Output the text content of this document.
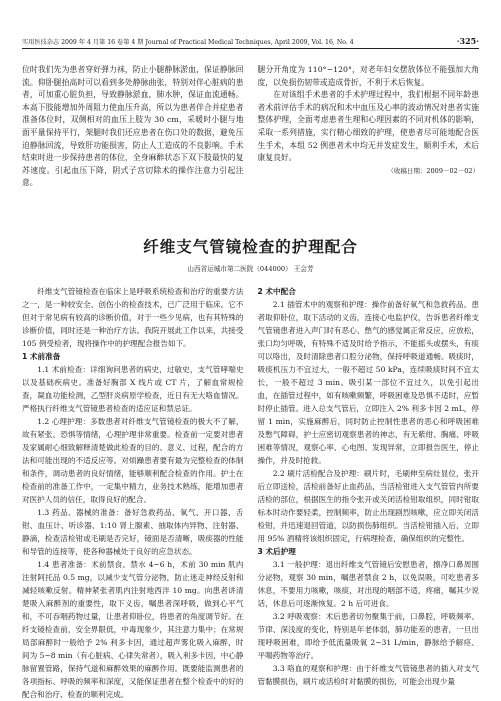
实用医技杂志 2009 年 4 月第 16 卷第 4 期 Journal of Practical Medical Techniques, April 2009, Vol. 16, No. 4	·325·

位时我们先为患者穿好弹力袜，防止小腿静脉淤血，保证静脉回流。仰卧腿抬高时可以看到多处静脉曲张，特别对伴心脏病的患者，可加重心脏负担，导致静脉淤血，肺水肿，保证血流通畅。本高下肢能增加外周阻力使血压升高，所以为患者伴合并症患者准备体位时，双侧相对的血压上肢为 30 cm，采暖时小腿与地面平量保持平行，架腿时我们还应患者在伤口处的数据，避免压迫静脉回流，导致肝功能损害，防止人工造成的不良影响。手术结束时进一步保持患者的体位，全身麻醉状态下双下肢最快的复苏速度。引起血压下降，阴式子宫切除术的操作注意力引起注意。

腿分开角度为 110°~120°，对老年妇女摆放体位不能强加大角度，以免损伤韧带或造成骨折，不利于术后恢复。

在对该组手术患者的手术护理过程中，我们根据不同年龄患者术前评估手术的病况和术中血压及心率的波动情况对患者实施整体护理，全面考虑患者生理和心理因素的不同对机体的影响，采取一系列措施，实行精心细致的护理，使患者尽可能地配合医生手术，本组 52 例患者术中均无并发症发生，顺利手术，术后康复良好。

（收稿日期：2009－02－02）
纤维支气管镜检查的护理配合
山西省运城市第二医院（044000） 王会芳

纤维支气管镜检查在临床上是呼吸系统检查和治疗的重要方法之一，是一种较安全、创伤小的检查技术，已广泛用于临床。它不但对于常见病有较高的诊断价值，对于一些少见病，也有其特殊的诊断价值，同时还是一种治疗方法。我院开展此工作以来，共接受 105 例受检者，现将操作中的护理配合报告如下。

1 术前准备

1.1 术前检查：详细询问患者的病史，过敏史，支气管哮喘史以及基础疾病史。准备好胸部 X 线片或 CT 片，了解血常规检查，凝血功能检测，乙型肝炎病原学检查，近日有无大咯血情况。严格执行纤维支气管镜患者检查的适应证和禁忌证。

1.2 心理护理：多数患者对纤维支气管镜检查的极大不了解，故有紧张、恐惧等情绪，心理护理非常重要。检查前一定要对患者及家属耐心细致解释清楚做此检查的目的、意义、过程，配合的方法和可能出现的不适反应等。对烦躁患者要有最为完整检查的体制和条件，调动患者的良好情绪，能够顺利配合检查的作用。护士在检查前的准备工作中，一定集中精力，业务技术熟练，能增加患者对医护人员的信任，取得良好的配合。

1.3 药品、器械的准备：备好急救药品、氧气、开口器、舌钳、血压计、听诊器、1:10 肾上腺素、抽取体内异物、注射器、静滴，检查活检钳或毛刷是否完好，镜面是否清晰，吸痰器的性能和导管的连接等，使各种器械处于良好的应急状态。

1.4 患者准备：术前禁食、禁水 4~6 h，术前 30 min 肌内注射阿托品 0.5 mg，以减少支气管分泌物，防止迷走神经反射和减轻咳嗽反射。精神紧张者肌内注射地西泮 10 mg。向患者讲清楚吸入麻醉剂的重要性，取下义齿，嘱患者深呼吸，做到心平气和，不可吞咽药物过量，让患者仰卧位，将患者的角度调节好。在纤支镜检查前，安全界限低，中毒现象少，其注意力集中；在常规局部麻醉时一般给予 2% 利多卡因，通过超声雾化吸入麻醉，时间为 5~8 min（有心脏病、心律失常者），吸入利多卡因，中心静脉留置管路，保持气道和麻醉效果的麻醉作用。既要能监测患者的各项指标、呼吸的频率和深度，又能保证患者在整个检查中的好的配合和治疗、检查的顺利完成。

2 术中配合

2.1 插管术中的观察和护理：操作前备好氧气和急救药品。患者取仰卧位，取下活动的义齿，连接心电监护仪，告诉患者纤维支气管镜患者进入声门时有恶心、憋气的感觉属正常反应，应放松，张口均匀呼吸，有特殊不适及时给予指示，不能摇头或摆头，有痰可以咯出，及时清除患者口腔分泌物，保持呼吸道通畅。吸痰时，吸痰机压力不宜过大，一般不超过 50 kPa，连续吸痰时间不宜太长，一般不超过 3 min。吸引某一部位不宜过久，以免引起出血，在插管过程中，如有咳嗽频繁，呼吸困难及恐惧不适时，应暂时停止插管。进入总支气管后，立即注入 2% 利多卡因 2 mL，停留 1 min，实施麻醉后，同时防止控制性患者的恶心和呼吸困难及憋气障碍，护士应密切观察患者的神志，有无紫绀、胸痛、呼吸困难等情况，观察心率、心电图、发现异常，立即报告医生，停止操作，并及时抢救。

2.2 刷片活检配合及护理：刷片时，毛刷伸至病灶显位，张开后立即送检，活检前备好止血药品，当活检钳进入支气管管内所要活检的部位，根据医生的指令张开或关闭活检钳取组织，同时钳取标本时动作要轻柔，控制频率，防止出现剧烈咳嗽，应立即关闭活检钳，并迅速退回管道，以防损伤肺组织。当活检钳插入后，立即用 95% 酒精将该组织固定，行病理检查，确保组织的完整性。

3 术后护理

3.1 一般护理：退出纤维支气管镜后安慰患者，擦净口鼻周围分泌物，观察 30 min，嘱患者禁食 2 h，以免误吸，可吃患者多休息，不要用力咳嗽，咳痰，对出现的咽部不适，疼痛，嘱其少说话，休息后可逐渐恢复。2 h 后可进食。

3.2 呼吸观察：术后患者切勿聚集于前，口鼻腔，呼吸频率、节律、深浅度的变化，特别是年老体弱，肺功能差的患者，一旦出现呼吸困难，即给予低流量吸氧 2~31 L/min，静脉给予解痉、平喘药物等治疗。

3.3 咯血的观察和护理：由于纤维支气管镜患者的插入对支气管黏膜损伤，刷片或活检时对黏膜的损伤，可能会出现少量
